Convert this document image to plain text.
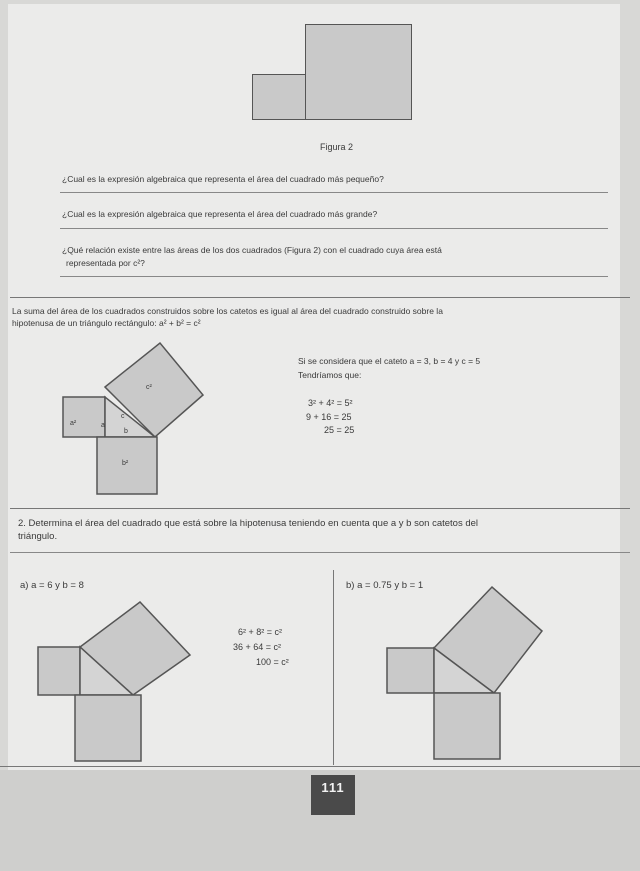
Figura 2
¿Cual es la expresión algebraica que representa el área del cuadrado más pequeño?
¿Cual es la expresión algebraica que representa el área del cuadrado más grande?
¿Qué relación existe entre las áreas de los dos cuadrados (Figura 2) con el cuadrado cuya área está
representada por c²?
La suma del área de los cuadrados construidos sobre los catetos es igual al área del cuadrado construido sobre la
hipotenusa de un triángulo rectángulo: a² + b² = c²
c²
a²	a
c
b
b²
Si se considera que el cateto a = 3, b = 4 y c = 5
Tendríamos que:
3² + 4² = 5²
9 + 16 = 25
25 = 25
2. Determina el área del cuadrado que está sobre la hipotenusa teniendo en cuenta que a y b son catetos del
triángulo.
a) a = 6 y b = 8
6² + 8² = c²
36 + 64 = c²
100 = c²
b) a = 0.75 y b = 1
111
